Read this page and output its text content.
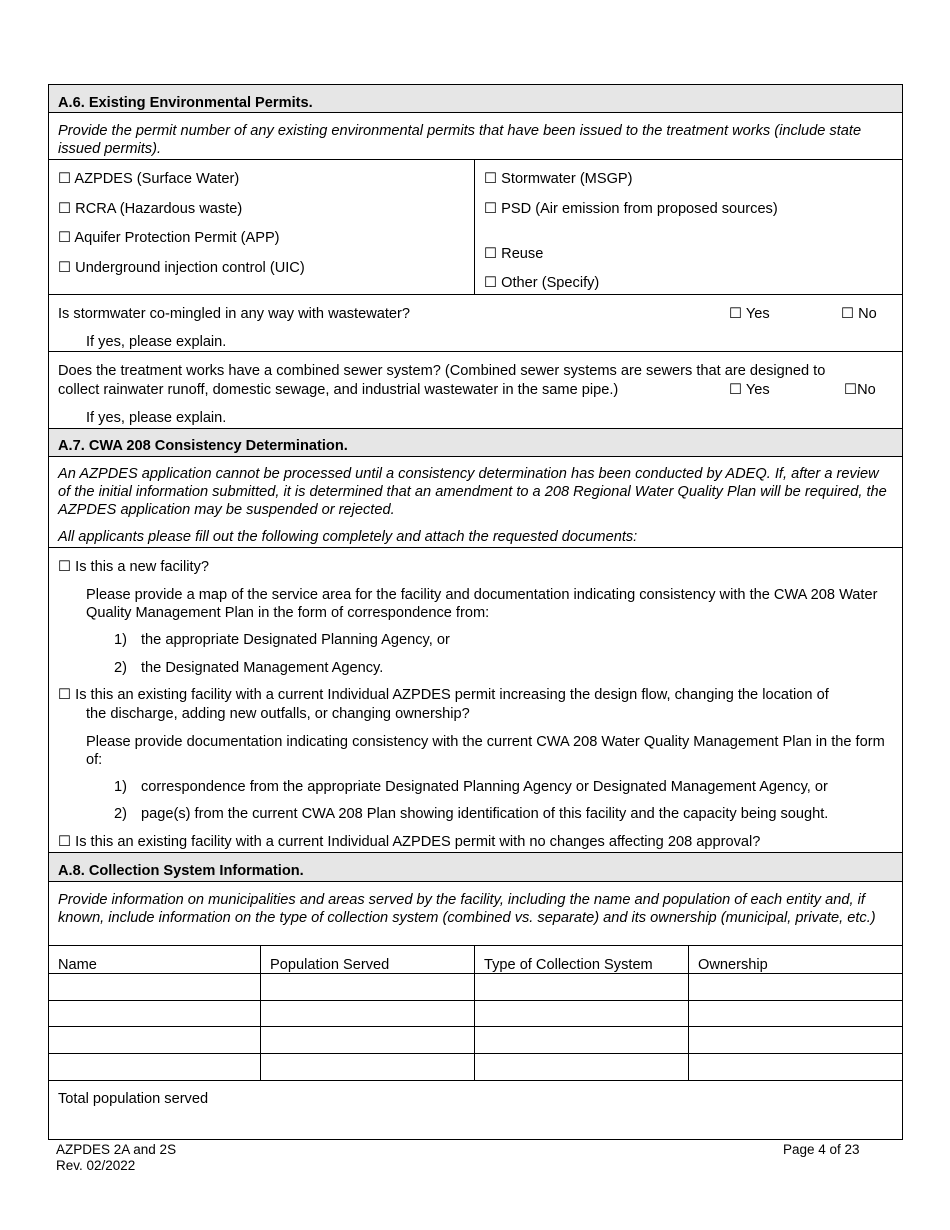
A.6. Existing Environmental Permits.
Provide the permit number of any existing environmental permits that have been issued to the treatment works (include state issued permits).
☐ AZPDES (Surface Water)
☐ RCRA (Hazardous waste)
☐ Aquifer Protection Permit (APP)
☐ Underground injection control (UIC)
☐ Stormwater (MSGP)
☐ PSD (Air emission from proposed sources)
☐ Reuse
☐ Other (Specify)
Is stormwater co-mingled in any way with wastewater?	☐ Yes	☐ No
If yes, please explain.
Does the treatment works have a combined sewer system? (Combined sewer systems are sewers that are designed to
collect rainwater runoff, domestic sewage, and industrial wastewater in the same pipe.)	☐ Yes	☐No
If yes, please explain.
A.7. CWA 208 Consistency Determination.
An AZPDES application cannot be processed until a consistency determination has been conducted by ADEQ. If, after a review of the initial information submitted, it is determined that an amendment to a 208 Regional Water Quality Plan will be required, the AZPDES application may be suspended or rejected.
All applicants please fill out the following completely and attach the requested documents:
☐ Is this a new facility?
Please provide a map of the service area for the facility and documentation indicating consistency with the CWA 208 Water Quality Management Plan in the form of correspondence from:
1) the appropriate Designated Planning Agency, or
2) the Designated Management Agency.
☐ Is this an existing facility with a current Individual AZPDES permit increasing the design flow, changing the location of
the discharge, adding new outfalls, or changing ownership?
Please provide documentation indicating consistency with the current CWA 208 Water Quality Management Plan in the form of:
1) correspondence from the appropriate Designated Planning Agency or Designated Management Agency, or
2) page(s) from the current CWA 208 Plan showing identification of this facility and the capacity being sought.
☐ Is this an existing facility with a current Individual AZPDES permit with no changes affecting 208 approval?
A.8. Collection System Information.
Provide information on municipalities and areas served by the facility, including the name and population of each entity and, if known, include information on the type of collection system (combined vs. separate) and its ownership (municipal, private, etc.)
Name	Population Served	Type of Collection System	Ownership
Total population served
AZPDES 2A and 2S
Rev. 02/2022
Page 4 of 23
